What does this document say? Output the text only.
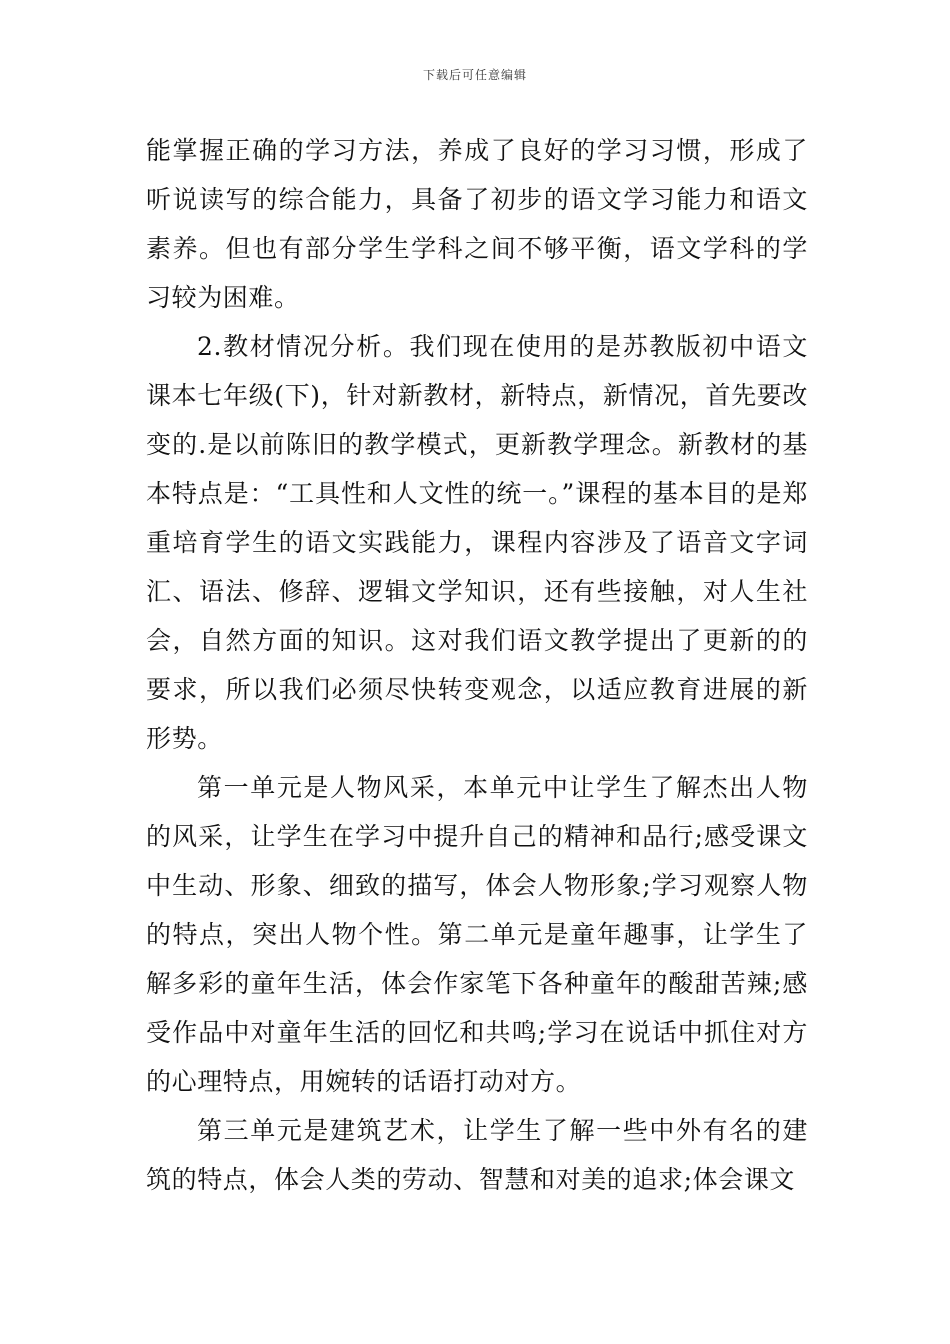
下载后可任意编辑

能掌握正确的学习方法，养成了良好的学习习惯，形成了听说读写的综合能力，具备了初步的语文学习能力和语文素养。但也有部分学生学科之间不够平衡，语文学科的学习较为困难。

2.教材情况分析。我们现在使用的是苏教版初中语文课本七年级(下)，针对新教材，新特点，新情况，首先要改变的.是以前陈旧的教学模式，更新教学理念。新教材的基本特点是：“工具性和人文性的统一。”课程的基本目的是郑重培育学生的语文实践能力，课程内容涉及了语音文字词汇、语法、修辞、逻辑文学知识，还有些接触，对人生社会，自然方面的知识。这对我们语文教学提出了更新的的要求，所以我们必须尽快转变观念，以适应教育进展的新形势。

第一单元是人物风采，本单元中让学生了解杰出人物的风采，让学生在学习中提升自己的精神和品行;感受课文中生动、形象、细致的描写，体会人物形象;学习观察人物的特点，突出人物个性。第二单元是童年趣事，让学生了解多彩的童年生活，体会作家笔下各种童年的酸甜苦辣;感受作品中对童年生活的回忆和共鸣;学习在说话中抓住对方的心理特点，用婉转的话语打动对方。

第三单元是建筑艺术，让学生了解一些中外有名的建筑的特点，体会人类的劳动、智慧和对美的追求;体会课文
